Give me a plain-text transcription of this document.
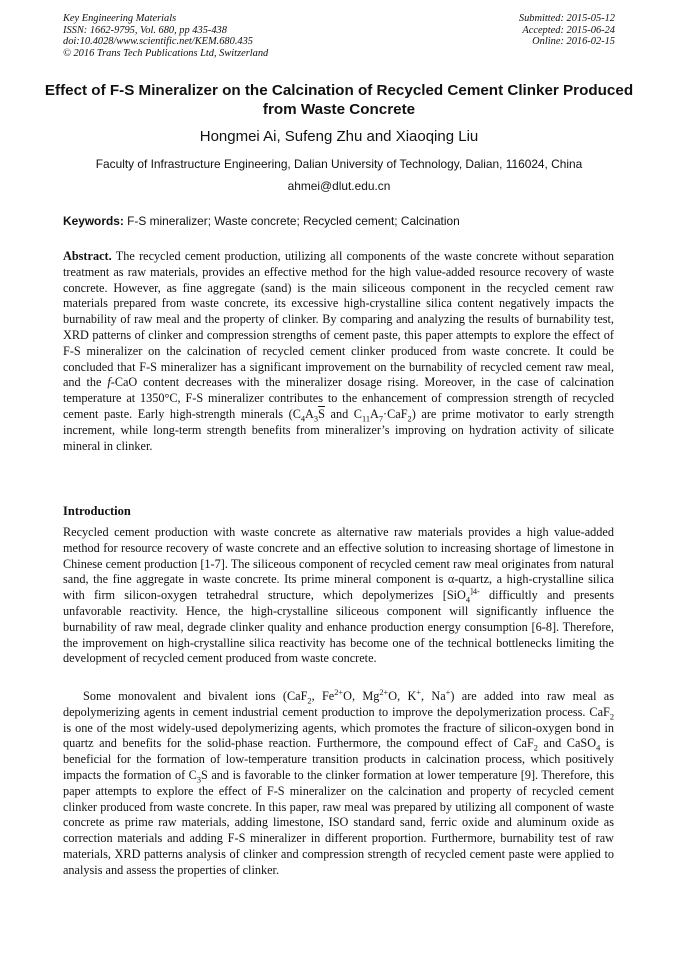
Key Engineering Materials
ISSN: 1662-9795, Vol. 680, pp 435-438
doi:10.4028/www.scientific.net/KEM.680.435
© 2016 Trans Tech Publications Ltd, Switzerland
Submitted: 2015-05-12
Accepted: 2015-06-24
Online: 2016-02-15
Effect of F-S Mineralizer on the Calcination of Recycled Cement Clinker Produced from Waste Concrete
Hongmei Ai, Sufeng Zhu and Xiaoqing Liu
Faculty of Infrastructure Engineering, Dalian University of Technology, Dalian, 116024, China
ahmei@dlut.edu.cn
Keywords: F-S mineralizer; Waste concrete; Recycled cement; Calcination
Abstract. The recycled cement production, utilizing all components of the waste concrete without separation treatment as raw materials, provides an effective method for the high value-added resource recovery of waste concrete. However, as fine aggregate (sand) is the main siliceous component in the recycled cement raw materials prepared from waste concrete, its excessive high-crystalline silica content negatively impacts the burnability of raw meal and the property of clinker. By comparing and analyzing the results of burnability test, XRD patterns of clinker and compression strengths of cement paste, this paper attempts to explore the effect of F-S mineralizer on the calcination of recycled cement clinker produced from waste concrete. It could be concluded that F-S mineralizer has a significant improvement on the burnability of recycled cement raw meal, and the f-CaO content decreases with the mineralizer dosage rising. Moreover, in the case of calcination temperature at 1350°C, F-S mineralizer contributes to the enhancement of compression strength of recycled cement paste. Early high-strength minerals ($C_4A_3\overline{S}$ and $C_{11}A_7\cdot CaF_2$) are prime motivator to early strength increment, while long-term strength benefits from mineralizer’s improving on hydration activity of silicate mineral in clinker.
Introduction
Recycled cement production with waste concrete as alternative raw materials provides a high value-added method for resource recovery of waste concrete and an effective solution to increasing shortage of limestone in Chinese cement production [1-7]. The siliceous component of recycled cement raw meal originates from natural sand, the fine aggregate in waste concrete. Its prime mineral component is α-quartz, a high-crystalline silica with firm silicon-oxygen tetrahedral structure, which depolymerizes [SiO$_4^{]4-}$ difficultly and presents unfavorable reactivity. Hence, the high-crystalline siliceous component will significantly influence the burnability of raw meal, degrade clinker quality and enhance production energy consumption [6-8]. Therefore, the improvement on high-crystalline silica reactivity has become one of the technical bottlenecks limiting the development of recycled cement produced from waste concrete.
Some monovalent and bivalent ions (CaF$_2$, $Fe^{2+}O$, $Mg^{2+}O$, K+, Na+) are added into raw meal as depolymerizing agents in cement industrial cement production to improve the depolymerization process. CaF$_2$ is one of the most widely-used depolymerizing agents, which promotes the fracture of silicon-oxygen bond in quartz and benefits for the solid-phase reaction. Furthermore, the compound effect of CaF$_2$ and CaSO$_4$ is beneficial for the formation of low-temperature transition products in calcination process, which positively impacts the formation of $C_3S$ and is favorable to the clinker formation at lower temperature [9]. Therefore, this paper attempts to explore the effect of F-S mineralizer on the calcination and property of recycled cement clinker produced from waste concrete. In this paper, raw meal was prepared by utilizing all component of waste concrete as prime raw materials, adding limestone, ISO standard sand, ferric oxide and aluminum oxide as correction materials and adding F-S mineralizer in different proportion. Furthermore, burnability test of raw materials, XRD patterns analysis of clinker and compression strength of recycled cement paste were applied to analysis and assess the properties of clinker.
